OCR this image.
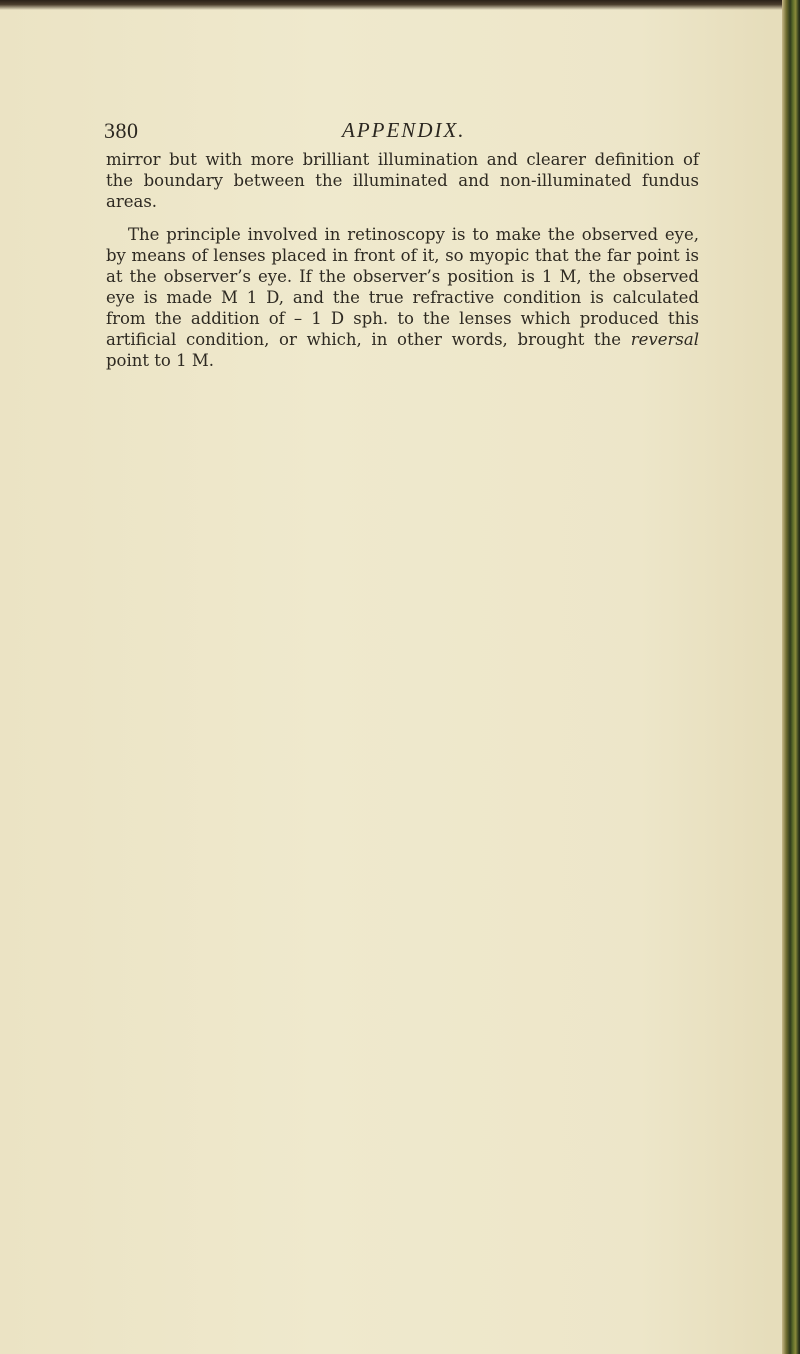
380	APPENDIX.

mirror but with more brilliant illumination and clearer definition of the boundary between the illuminated and non-illuminated fundus areas.

The principle involved in retinoscopy is to make the observed eye, by means of lenses placed in front of it, so myopic that the far point is at the observer’s eye. If the observer’s position is 1 M, the observed eye is made M 1 D, and the true refractive condition is calculated from the addition of – 1 D sph. to the lenses which produced this artificial condition, or which, in other words, brought the reversal point to 1 M.
